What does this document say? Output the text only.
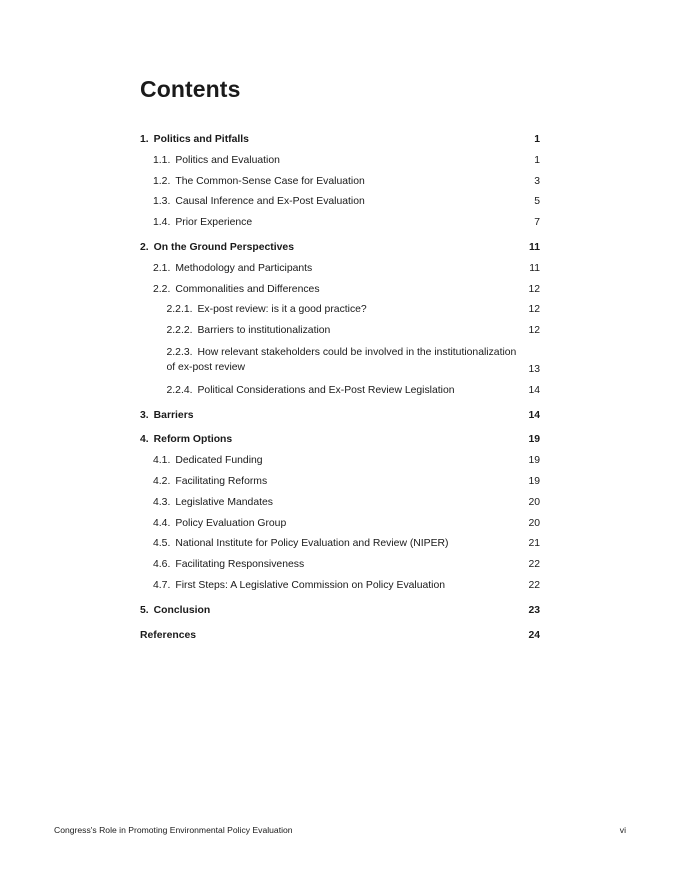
Contents
1. Politics and Pitfalls	1
1.1. Politics and Evaluation	1
1.2. The Common-Sense Case for Evaluation	3
1.3. Causal Inference and Ex-Post Evaluation	5
1.4. Prior Experience	7
2. On the Ground Perspectives	11
2.1. Methodology and Participants	11
2.2. Commonalities and Differences	12
2.2.1. Ex-post review: is it a good practice?	12
2.2.2. Barriers to institutionalization	12
2.2.3. How relevant stakeholders could be involved in the institutionalization of ex-post review	13
2.2.4. Political Considerations and Ex-Post Review Legislation	14
3. Barriers	14
4. Reform Options	19
4.1. Dedicated Funding	19
4.2. Facilitating Reforms	19
4.3. Legislative Mandates	20
4.4. Policy Evaluation Group	20
4.5. National Institute for Policy Evaluation and Review (NIPER)	21
4.6. Facilitating Responsiveness	22
4.7. First Steps: A Legislative Commission on Policy Evaluation	22
5. Conclusion	23
References	24
Congress's Role in Promoting Environmental Policy Evaluation	vi
